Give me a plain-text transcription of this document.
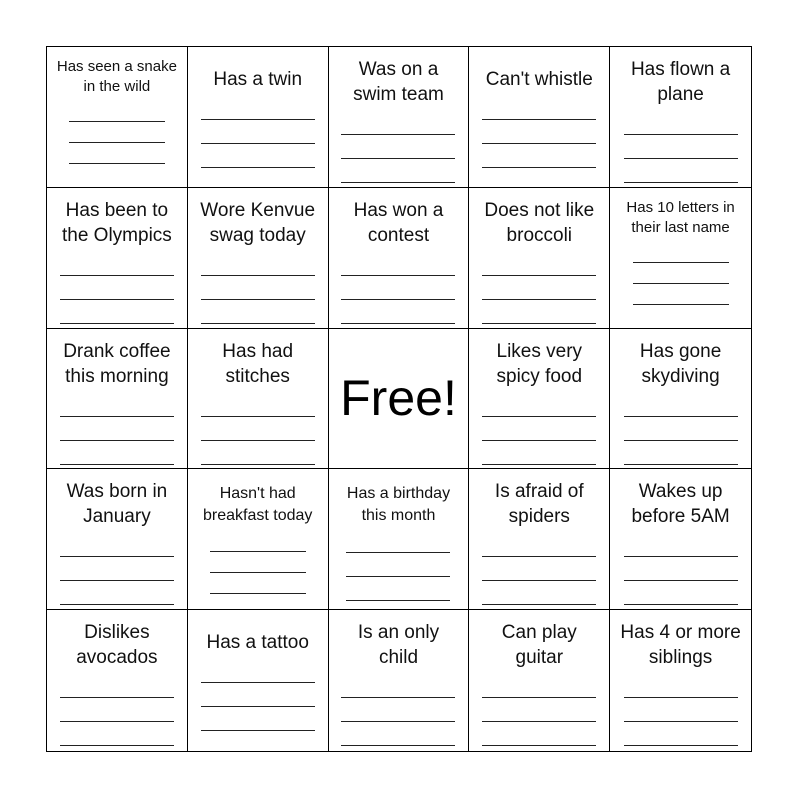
Has seen a snake in the wild	Has a twin	Was on a swim team
Can't whistle	Has flown a plane
Has been to the Olympics
Wore Kenvue swag today
Has won a contest
Does not like broccoli
Has 10 letters in their last name
Drank coffee this morning
Has had stitches	Free!
Likes very spicy food
Has gone skydiving
Was born in January
Hasn't had breakfast today
Has a birthday this month
Is afraid of spiders
Wakes up before 5AM
Dislikes avocados
Has a tattoo	Is an only child
Can play guitar
Has 4 or more siblings
